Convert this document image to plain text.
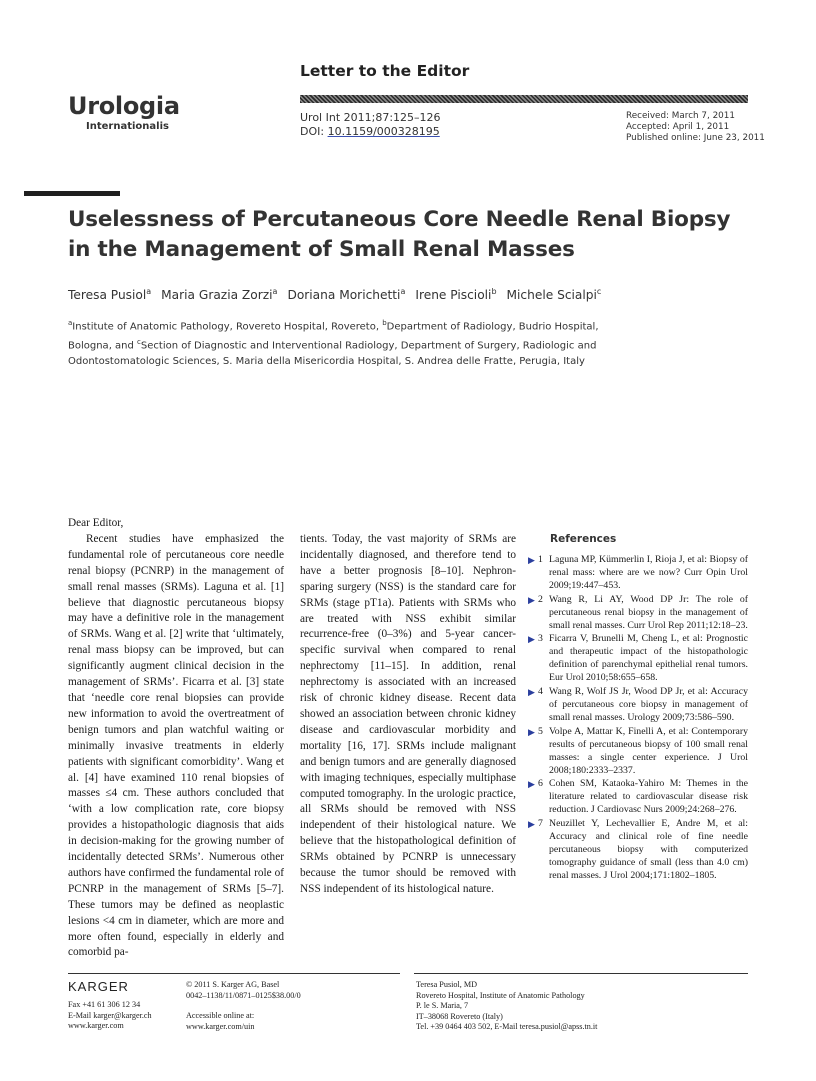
Letter to the Editor
Urologia
Internationalis
Urol Int 2011;87:125–126
DOI: 10.1159/000328195
Received: March 7, 2011
Accepted: April 1, 2011
Published online: June 23, 2011
Uselessness of Percutaneous Core Needle Renal Biopsy in the Management of Small Renal Masses
Teresa Pusiol$^a$ Maria Grazia Zorzi$^a$ Doriana Morichetti$^a$ Irene Piscioli$^b$ Michele Scialpi$^c$
$^a$Institute of Anatomic Pathology, Rovereto Hospital, Rovereto, $^b$Department of Radiology, Budrio Hospital, Bologna, and $^c$Section of Diagnostic and Interventional Radiology, Department of Surgery, Radiologic and Odontostomatologic Sciences, S. Maria della Misericordia Hospital, S. Andrea delle Fratte, Perugia, Italy

Dear Editor,

Recent studies have emphasized the fundamental role of percutaneous core needle renal biopsy (PCNRP) in the management of small renal masses (SRMs). Laguna et al. [1] believe that diagnostic percutaneous biopsy may have a definitive role in the management of SRMs. Wang et al. [2] write that ‘ultimately, renal mass biopsy can be improved, but can significantly augment clinical decision in the management of SRMs’. Ficarra et al. [3] state that ‘needle core renal biopsies can provide new information to avoid the overtreatment of benign tumors and plan watchful waiting or minimally invasive treatments in elderly patients with significant comorbidity’. Wang et al. [4] have examined 110 renal biopsies of masses ≤4 cm. These authors concluded that ‘with a low complication rate, core biopsy provides a histopathologic diagnosis that aids in decision-making for the growing number of incidentally detected SRMs’. Numerous other authors have confirmed the fundamental role of PCNRP in the management of SRMs [5–7]. These tumors may be defined as neoplastic lesions <4 cm in diameter, which are more and more often found, especially in elderly and comorbid pa-

tients. Today, the vast majority of SRMs are incidentally diagnosed, and therefore tend to have a better prognosis [8–10]. Nephron-sparing surgery (NSS) is the standard care for SRMs (stage pT1a). Patients with SRMs who are treated with NSS exhibit similar recurrence-free (0–3%) and 5-year cancer-specific survival when compared to renal nephrectomy [11–15]. In addition, renal nephrectomy is associated with an increased risk of chronic kidney disease. Recent data showed an association between chronic kidney disease and cardiovascular morbidity and mortality [16, 17]. SRMs include malignant and benign tumors and are generally diagnosed with imaging techniques, especially multiphase computed tomography. In the urologic practice, all SRMs should be removed with NSS independent of their histological nature. We believe that the histopathological definition of SRMs obtained by PCNRP is unnecessary because the tumor should be removed with NSS independent of its histological nature.

References
▶ 1 Laguna MP, Kümmerlin I, Rioja J, et al: Biopsy of renal mass: where are we now? Curr Opin Urol 2009;19:447–453.
▶ 2 Wang R, Li AY, Wood DP Jr: The role of percutaneous renal biopsy in the management of small renal masses. Curr Urol Rep 2011;12:18–23.
▶ 3 Ficarra V, Brunelli M, Cheng L, et al: Prognostic and therapeutic impact of the histopathologic definition of parenchymal epithelial renal tumors. Eur Urol 2010;58:655–658.
▶ 4 Wang R, Wolf JS Jr, Wood DP Jr, et al: Accuracy of percutaneous core biopsy in management of small renal masses. Urology 2009;73:586–590.
▶ 5 Volpe A, Mattar K, Finelli A, et al: Contemporary results of percutaneous biopsy of 100 small renal masses: a single center experience. J Urol 2008;180:2333–2337.
▶ 6 Cohen SM, Kataoka-Yahiro M: Themes in the literature related to cardiovascular disease risk reduction. J Cardiovasc Nurs 2009;24:268–276.
▶ 7 Neuzillet Y, Lechevallier E, Andre M, et al: Accuracy and clinical role of fine needle percutaneous biopsy with computerized tomography guidance of small (less than 4.0 cm) renal masses. J Urol 2004;171:1802–1805.
KARGER
Fax +41 61 306 12 34
E-Mail karger@karger.ch
www.karger.com
© 2011 S. Karger AG, Basel
0042–1138/11/0871–0125$38.00/0
Accessible online at:
www.karger.com/uin
Teresa Pusiol, MD
Rovereto Hospital, Institute of Anatomic Pathology
P. le S. Maria, 7
IT–38068 Rovereto (Italy)
Tel. +39 0464 403 502, E-Mail teresa.pusiol@apss.tn.it
